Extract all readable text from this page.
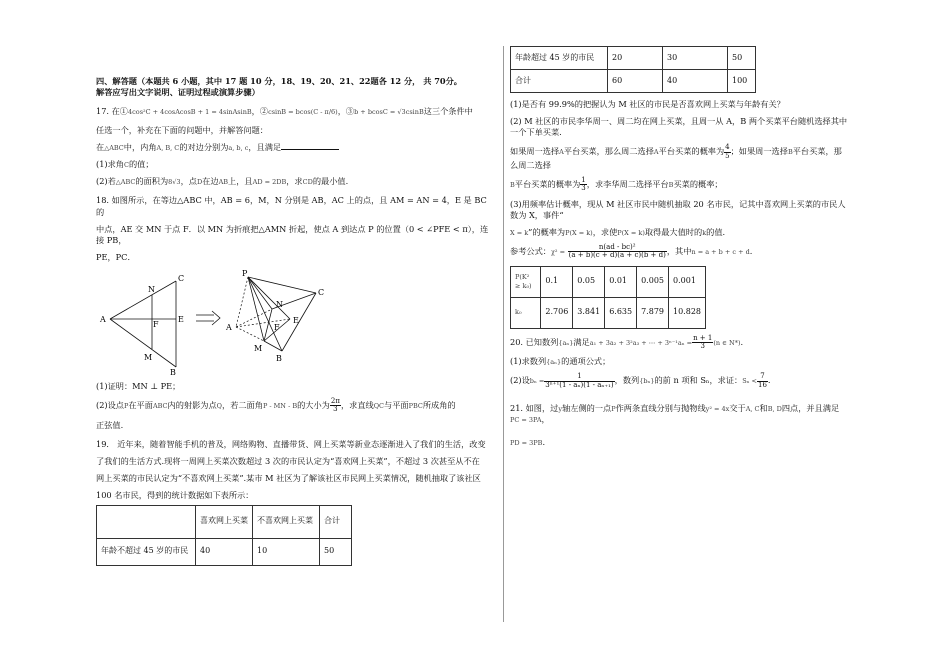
四、解答题（本题共 6 小题，其中 17 题 10 分，18、19、20、21、22题各 12 分， 共 70分。

解答应写出文字说明、证明过程或演算步骤）

17. 在①4cos²C + 4cosAcosB + 1 = 4sinAsinB，②csinB = bcos(C - π/6)，③b + bcosC = √3csinB这三个条件中

任选一个，补充在下面的问题中，并解答问题：

在△ABC中，内角A, B, C的对边分别为a, b, c，且满足

(1)求角C的值；

(2)若△ABC的面积为8√3，点D在边AB上，且AD = 2DB，求CD的最小值.

18. 如图所示，在等边△ABC 中，AB = 6，M，N 分别是 AB，AC 上的点，且 AM = AN = 4，E 是 BC 的

中点，AE 交 MN 于点 F．以 MN 为折痕把△AMN 折起，使点 A 到达点 P 的位置（0 < ∠PFE < π），连接 PB，

PE，PC．

N
C
A
F
E
M
B
P
N
C
A	F
E
M
B

(1)证明：MN ⊥ PE；

(2)设点P在平面ABC内的射影为点Q，若二面角P - MN - B的大小为 $\frac{2\pi}{3}$ ，求直线QC与平面PBC所成角的

正弦值.

19． 近年来，随着智能手机的普及，网络购物、直播带货、网上买菜等新业态逐渐进入了我们的生活，改变

了我们的生活方式.现将一周网上买菜次数超过 3 次的市民认定为“喜欢网上买菜”，不超过 3 次甚至从不在

网上买菜的市民认定为“不喜欢网上买菜”.某市 M 社区为了解该社区市民网上买菜情况，随机抽取了该社区

100 名市民，得到的统计数据如下表所示：

	喜欢网上买菜	不喜欢网上买菜	合计
年龄不超过 45 岁的市民	40	10	50
年龄超过 45 岁的市民	20	30	50
合计	60	40	100

(1)是否有 99.9%的把握认为 M 社区的市民是否喜欢网上买菜与年龄有关？

(2) M 社区的市民李华周一、周二均在网上买菜，且周一从 A，B 两个买菜平台随机选择其中一个下单买菜.

如果周一选择A平台买菜，那么周二选择A平台买菜的概率为 $\frac{4}{5}$ ；如果周一选择B平台买菜，那么周二选择

B平台买菜的概率为 $\frac{1}{3}$ ，求李华周二选择平台B买菜的概率；

(3)用频率估计概率，现从 M 社区市民中随机抽取 20 名市民，记其中喜欢网上买菜的市民人数为 X，事件“

X = k”的概率为P(X = k)，求使P(X = k)取得最大值时的k的值.

参考公式：$\chi^2 = \frac{\text{n(ad - bc)²}}{(a + b)(c + d)(a + c)(b + d)}$ ，其中n = a + b + c + d.

P(K² ≥ k₀)	0.1	0.05	0.01	0.005	0.001
k₀	2.706	3.841	6.635	7.879	10.828

20. 已知数列{aₙ}满足a₁ + 3a₂ + 3²a₃ + ⋯ + $3^{n-1}a_n = \frac{n + 1}{3} (n$ ∈ N*).

(1)求数列{aₙ}的通项公式；

(2)设$b_n = \frac{1}{\text{3ⁿ⁺¹(1 - aₙ)(1 - aₙ₊₁)}}$ ，数列{bₙ}的前 n 项和 Sₙ，求证：$S_n < \frac{7}{16}$ .

21. 如图，过y轴左侧的一点P作两条直线分别与抛物线y² = 4x交于A, C和B, D四点，并且满足PC = 3PA，

PD = 3PB.
